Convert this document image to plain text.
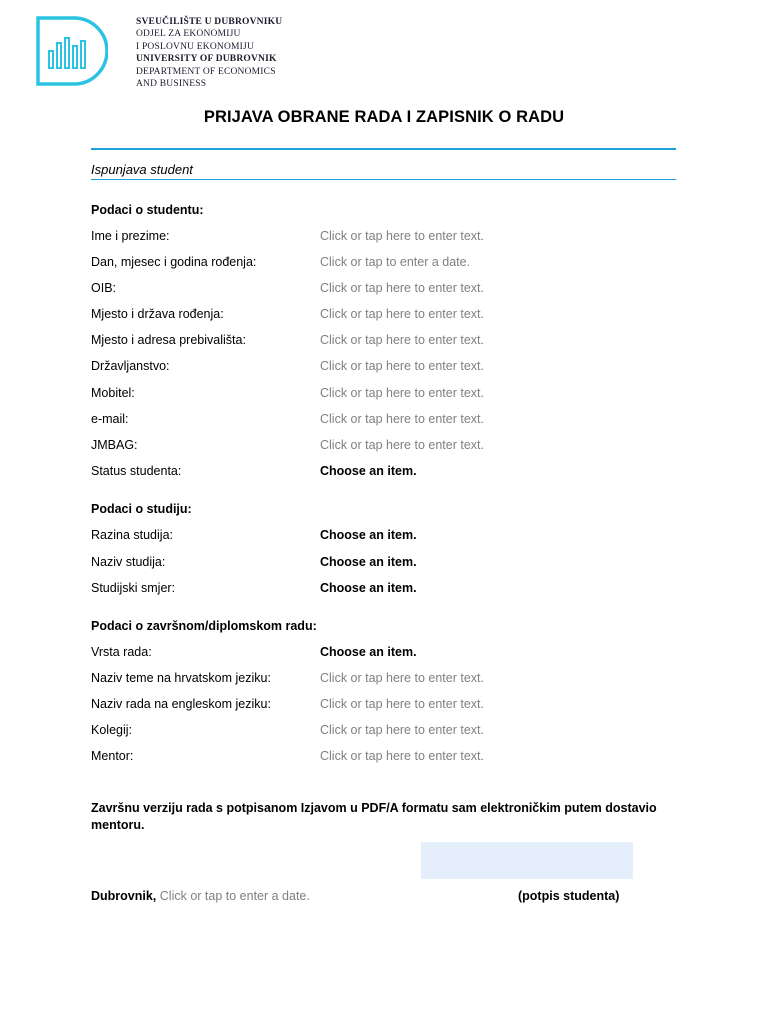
SVEUČILIŠTE U DUBROVNIKU
ODJEL ZA EKONOMIJU
I POSLOVNU EKONOMIJU
UNIVERSITY OF DUBROVNIK
DEPARTMENT OF ECONOMICS
AND BUSINESS
PRIJAVA OBRANE RADA I ZAPISNIK O RADU
Ispunjava student
Podaci o studentu:
Ime i prezime:	Click or tap here to enter text.
Dan, mjesec i godina rođenja:	Click or tap to enter a date.
OIB:	Click or tap here to enter text.
Mjesto i država rođenja:	Click or tap here to enter text.
Mjesto i adresa prebivališta:	Click or tap here to enter text.
Državljanstvo:	Click or tap here to enter text.
Mobitel:	Click or tap here to enter text.
e-mail:	Click or tap here to enter text.
JMBAG:	Click or tap here to enter text.
Status studenta:	Choose an item.
Podaci o studiju:
Razina studija:	Choose an item.
Naziv studija:	Choose an item.
Studijski smjer:	Choose an item.
Podaci o završnom/diplomskom radu:
Vrsta rada:	Choose an item.
Naziv teme na hrvatskom jeziku:	Click or tap here to enter text.
Naziv rada na engleskom jeziku:	Click or tap here to enter text.
Kolegij:	Click or tap here to enter text.
Mentor:	Click or tap here to enter text.
Završnu verziju rada s potpisanom Izjavom u PDF/A formatu sam elektroničkim putem dostavio mentoru.
Dubrovnik, Click or tap to enter a date.	(potpis studenta)
